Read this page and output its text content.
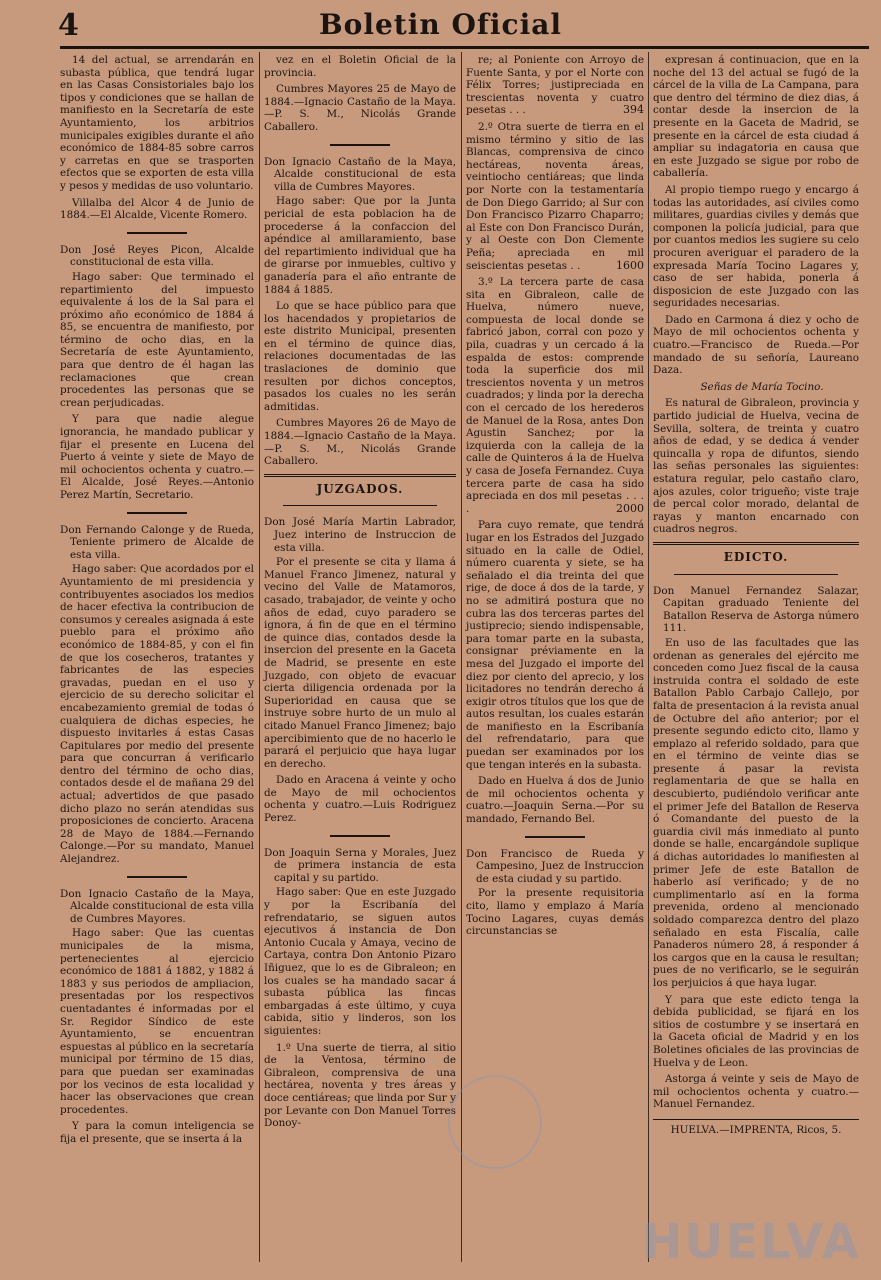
4	Boletin Oficial

14 del actual, se arrendarán en subasta pública, que tendrá lugar en las Casas Consistoriales bajo los tipos y condiciones que se hallan de manifiesto en la Secretaría de este Ayuntamiento, los arbitrios municipales exigibles durante el año económico de 1884-85 sobre carros y carretas en que se trasporten efectos que se exporten de esta villa y pesos y medidas de uso voluntario.

Villalba del Alcor 4 de Junio de 1884.—El Alcalde, Vicente Romero.

Don José Reyes Picon, Alcalde constitucional de esta villa.

Hago saber: Que terminado el repartimiento del impuesto equivalente á los de la Sal para el próximo año económico de 1884 á 85, se encuentra de manifiesto, por término de ocho dias, en la Secretaría de este Ayuntamiento, para que dentro de él hagan las reclamaciones que crean procedentes las personas que se crean perjudicadas.

Y para que nadie alegue ignorancia, he mandado publicar y fijar el presente en Lucena del Puerto á veinte y siete de Mayo de mil ochocientos ochenta y cuatro.—El Alcalde, José Reyes.—Antonio Perez Martín, Secretario.

Don Fernando Calonge y de Rueda, Teniente primero de Alcalde de esta villa.

Hago saber: Que acordados por el Ayuntamiento de mi presidencia y contribuyentes asociados los medios de hacer efectiva la contribucion de consumos y cereales asignada á este pueblo para el próximo año económico de 1884-85, y con el fin de que los cosecheros, tratantes y fabricantes de las especies gravadas, puedan en el uso y ejercicio de su derecho solicitar el encabezamiento gremial de todas ó cualquiera de dichas especies, he dispuesto invitarles á estas Casas Capitulares por medio del presente para que concurran á verificarlo dentro del término de ocho dias, contados desde el de mañana 29 del actual; advertidos de que pasado dicho plazo no serán atendidas sus proposiciones de concierto. Aracena 28 de Mayo de 1884.—Fernando Calonge.—Por su mandato, Manuel Alejandrez.

Don Ignacio Castaño de la Maya, Alcalde constitucional de esta villa de Cumbres Mayores.

Hago saber: Que las cuentas municipales de la misma, pertenecientes al ejercicio económico de 1881 á 1882, y 1882 á 1883 y sus periodos de ampliacion, presentadas por los respectivos cuentadantes é informadas por el Sr. Regidor Síndico de este Ayuntamiento, se encuentran espuestas al público en la secretaría municipal por término de 15 dias, para que puedan ser examinadas por los vecinos de esta localidad y hacer las observaciones que crean procedentes.

Y para la comun inteligencia se fija el presente, que se inserta á la

vez en el Boletin Oficial de la provincia.

Cumbres Mayores 25 de Mayo de 1884.—Ignacio Castaño de la Maya.—P. S. M., Nicolás Grande Caballero.

Don Ignacio Castaño de la Maya, Alcalde constitucional de esta villa de Cumbres Mayores.

Hago saber: Que por la Junta pericial de esta poblacion ha de procederse á la confaccion del apéndice al amillaramiento, base del repartimiento individual que ha de girarse por inmuebles, cultivo y ganadería para el año entrante de 1884 á 1885.

Lo que se hace público para que los hacendados y propietarios de este distrito Municipal, presenten en el término de quince dias, relaciones documentadas de las traslaciones de dominio que resulten por dichos conceptos, pasados los cuales no les serán admitidas.

Cumbres Mayores 26 de Mayo de 1884.—Ignacio Castaño de la Maya.—P. S. M., Nicolás Grande Caballero.

JUZGADOS.

Don José María Martin Labrador, Juez interino de Instruccion de esta villa.

Por el presente se cita y llama á Manuel Franco Jimenez, natural y vecino del Valle de Matamoros, casado, trabajador, de veinte y ocho años de edad, cuyo paradero se ignora, á fin de que en el término de quince dias, contados desde la insercion del presente en la Gaceta de Madrid, se presente en este Juzgado, con objeto de evacuar cierta diligencia ordenada por la Superioridad en causa que se instruye sobre hurto de un mulo al citado Manuel Franco Jimenez; bajo apercibimiento que de no hacerlo le parará el perjuicio que haya lugar en derecho.

Dado en Aracena á veinte y ocho de Mayo de mil ochocientos ochenta y cuatro.—Luis Rodriguez Perez.

Don Joaquin Serna y Morales, Juez de primera instancia de esta capital y su partido.

Hago saber: Que en este Juzgado y por la Escribanía del refrendatario, se siguen autos ejecutivos á instancia de Don Antonio Cucala y Amaya, vecino de Cartaya, contra Don Antonio Pizaro Iñiguez, que lo es de Gibraleon; en los cuales se ha mandado sacar á subasta pública las fincas embargadas á este último, y cuya cabida, sitio y linderos, son los siguientes:

1.º Una suerte de tierra, al sitio de la Ventosa, término de Gibraleon, comprensiva de una hectárea, noventa y tres áreas y doce centiáreas; que linda por Sur y por Levante con Don Manuel Torres Donoy-

re; al Poniente con Arroyo de Fuente Santa, y por el Norte con Félix Torres; justipreciada en trescientas noventa y cuatro pesetas . . .	394

2.º Otra suerte de tierra en el mismo término y sitio de las Blancas, comprensiva de cinco hectáreas, noventa áreas, veintiocho centiáreas; que linda por Norte con la testamentaría de Don Diego Garrido; al Sur con Don Francisco Pizarro Chaparro; al Este con Don Francisco Durán, y al Oeste con Don Clemente Peña; apreciada en mil seiscientas pesetas . .	1600

3.º La tercera parte de casa sita en Gibraleon, calle de Huelva, número nueve, compuesta de local donde se fabricó jabon, corral con pozo y pila, cuadras y un cercado á la espalda de estos: comprende toda la superficie dos mil trescientos noventa y un metros cuadrados; y linda por la derecha con el cercado de los herederos de Manuel de la Rosa, antes Don Agustin Sanchez; por la izquierda con la calleja de la calle de Quinteros á la de Huelva y casa de Josefa Fernandez. Cuya tercera parte de casa ha sido apreciada en dos mil pesetas . . . .	2000

Para cuyo remate, que tendrá lugar en los Estrados del Juzgado situado en la calle de Odiel, número cuarenta y siete, se ha señalado el dia treinta del que rige, de doce á dos de la tarde, y no se admitirá postura que no cubra las dos terceras partes del justiprecio; siendo indispensable, para tomar parte en la subasta, consignar préviamente en la mesa del Juzgado el importe del diez por ciento del aprecio, y los licitadores no tendrán derecho á exigir otros títulos que los que de autos resultan, los cuales estarán de manifiesto en la Escribanía del refrendatario, para que puedan ser examinados por los que tengan interés en la subasta.

Dado en Huelva á dos de Junio de mil ochocientos ochenta y cuatro.—Joaquin Serna.—Por su mandado, Fernando Bel.

Don Francisco de Rueda y Campesino, Juez de Instruccion de esta ciudad y su partido.

Por la presente requisitoria cito, llamo y emplazo á María Tocino Lagares, cuyas demás circunstancias se

expresan á continuacion, que en la noche del 13 del actual se fugó de la cárcel de la villa de La Campana, para que dentro del término de diez dias, á contar desde la insercion de la presente en la Gaceta de Madrid, se presente en la cárcel de esta ciudad á ampliar su indagatoria en causa que en este Juzgado se sigue por robo de caballería.

Al propio tiempo ruego y encargo á todas las autoridades, así civiles como militares, guardias civiles y demás que componen la policía judicial, para que por cuantos medios les sugiere su celo procuren averiguar el paradero de la expresada María Tocino Lagares y, caso de ser habida, ponerla á disposicion de este Juzgado con las seguridades necesarias.

Dado en Carmona á diez y ocho de Mayo de mil ochocientos ochenta y cuatro.—Francisco de Rueda.—Por mandado de su señoría, Laureano Daza.

Señas de María Tocino.

Es natural de Gibraleon, provincia y partido judicial de Huelva, vecina de Sevilla, soltera, de treinta y cuatro años de edad, y se dedica á vender quincalla y ropa de difuntos, siendo las señas personales las siguientes: estatura regular, pelo castaño claro, ajos azules, color trigueño; viste traje de percal color morado, delantal de rayas y manton encarnado con cuadros negros.

EDICTO.

Don Manuel Fernandez Salazar, Capitan graduado Teniente del Batallon Reserva de Astorga número 111.

En uso de las facultades que las ordenan as generales del ejército me conceden como Juez fiscal de la causa instruida contra el soldado de este Batallon Pablo Carbajo Callejo, por falta de presentacion á la revista anual de Octubre del año anterior; por el presente segundo edicto cito, llamo y emplazo al referido soldado, para que en el término de veinte dias se presente á pasar la revista reglamentaria de que se halla en descubierto, pudiéndolo verificar ante el primer Jefe del Batallon de Reserva ó Comandante del puesto de la guardia civil más inmediato al punto donde se halle, encargándole suplique á dichas autoridades lo manifiesten al primer Jefe de este Batallon de haberlo así verificado; y de no cumplimentarlo así en la forma prevenida, ordeno al mencionado soldado comparezca dentro del plazo señalado en esta Fiscalía, calle Panaderos número 28, á responder á los cargos que en la causa le resultan; pues de no verificarlo, se le seguirán los perjuicios á que haya lugar.

Y para que este edicto tenga la debida publicidad, se fijará en los sitios de costumbre y se insertará en la Gaceta oficial de Madrid y en los Boletines oficiales de las provincias de Huelva y de Leon.

Astorga á veinte y seis de Mayo de mil ochocientos ochenta y cuatro.—Manuel Fernandez.

HUELVA.—IMPRENTA, Ricos, 5.
HUELVA
